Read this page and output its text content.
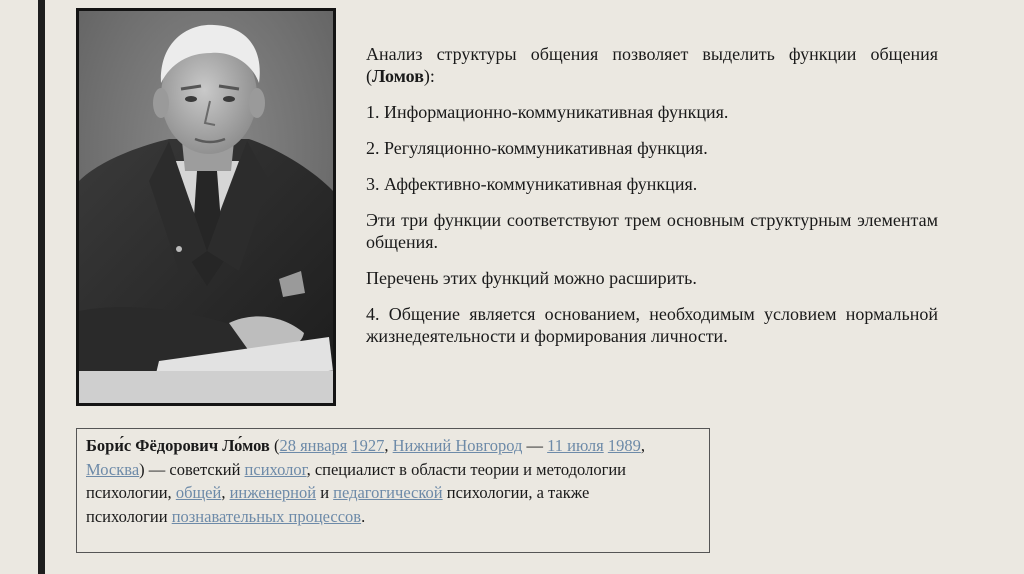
Анализ структуры общения позволяет выделить функции общения (Ломов):

1. Информационно-коммуникативная функция.

2. Регуляционно-коммуникативная функция.

3. Аффективно-коммуникативная функция.

Эти три функции соответствуют трем основным структурным элементам общения.

Перечень этих функций можно расширить.

4. Общение является основанием, необходимым условием нормальной жизнедеятельности и формирования личности.

Бори́с Фёдорович Ло́мов (28 января 1927, Нижний Новгород — 11 июля 1989, Москва) — советский психолог, специалист в области теории и методологии
психологии, общей, инженерной и педагогической психологии, а также
психологии познавательных процессов.
